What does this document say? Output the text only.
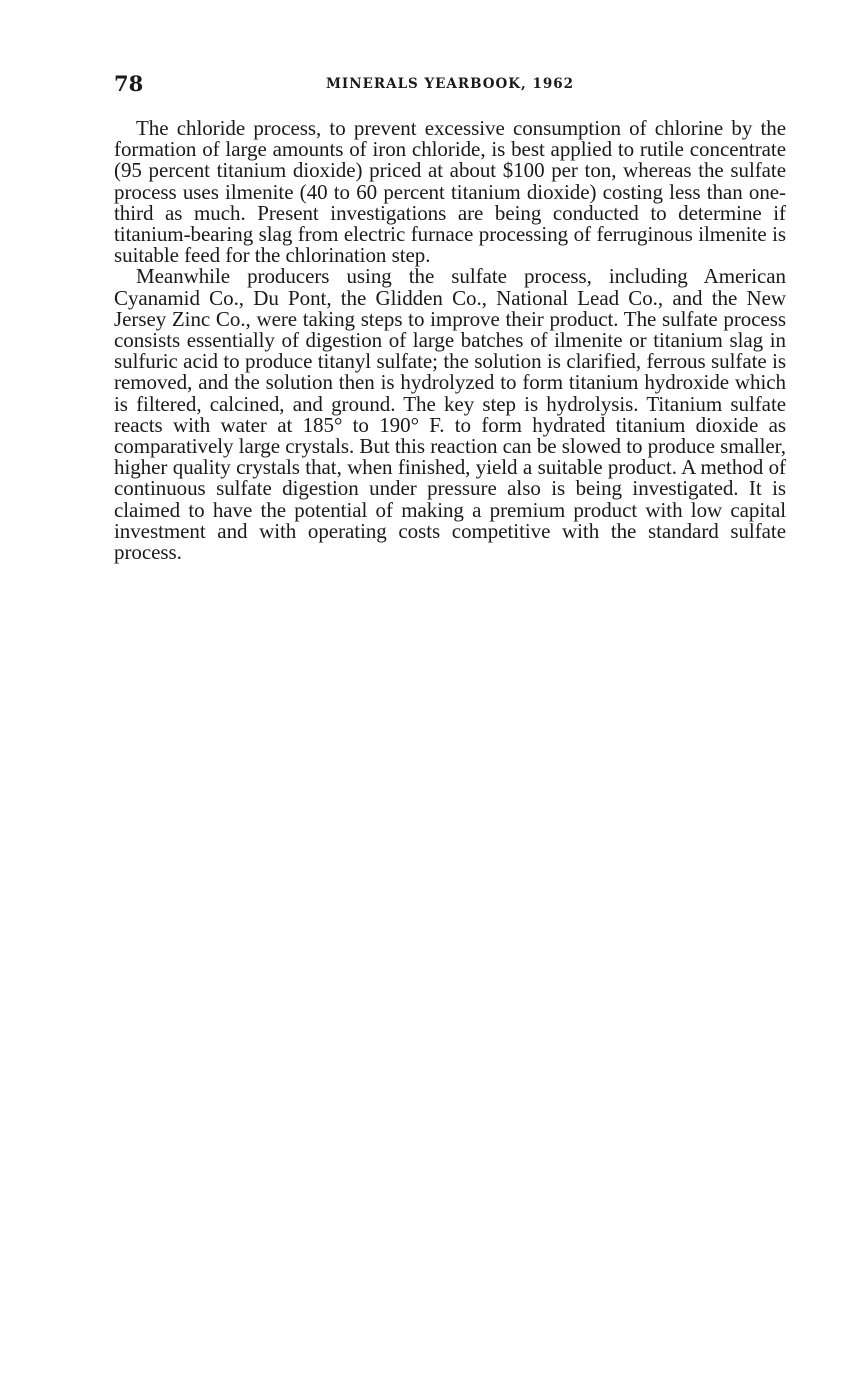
78	MINERALS YEARBOOK, 1962

The chloride process, to prevent excessive consumption of chlorine by the formation of large amounts of iron chloride, is best applied to rutile concentrate (95 percent titanium dioxide) priced at about $100 per ton, whereas the sulfate process uses ilmenite (40 to 60 percent titanium dioxide) costing less than one-third as much. Present investigations are being conducted to determine if titanium-bearing slag from electric furnace processing of ferruginous ilmenite is suitable feed for the chlorination step.

Meanwhile producers using the sulfate process, including American Cyanamid Co., Du Pont, the Glidden Co., National Lead Co., and the New Jersey Zinc Co., were taking steps to improve their product. The sulfate process consists essentially of digestion of large batches of ilmenite or titanium slag in sulfuric acid to produce titanyl sulfate; the solution is clarified, ferrous sulfate is removed, and the solution then is hydrolyzed to form titanium hydroxide which is filtered, calcined, and ground. The key step is hydrolysis. Titanium sulfate reacts with water at 185° to 190° F. to form hydrated titanium dioxide as comparatively large crystals. But this reaction can be slowed to produce smaller, higher quality crystals that, when finished, yield a suitable product. A method of continuous sulfate digestion under pressure also is being investigated. It is claimed to have the potential of making a premium product with low capital investment and with operating costs competitive with the standard sulfate process.
